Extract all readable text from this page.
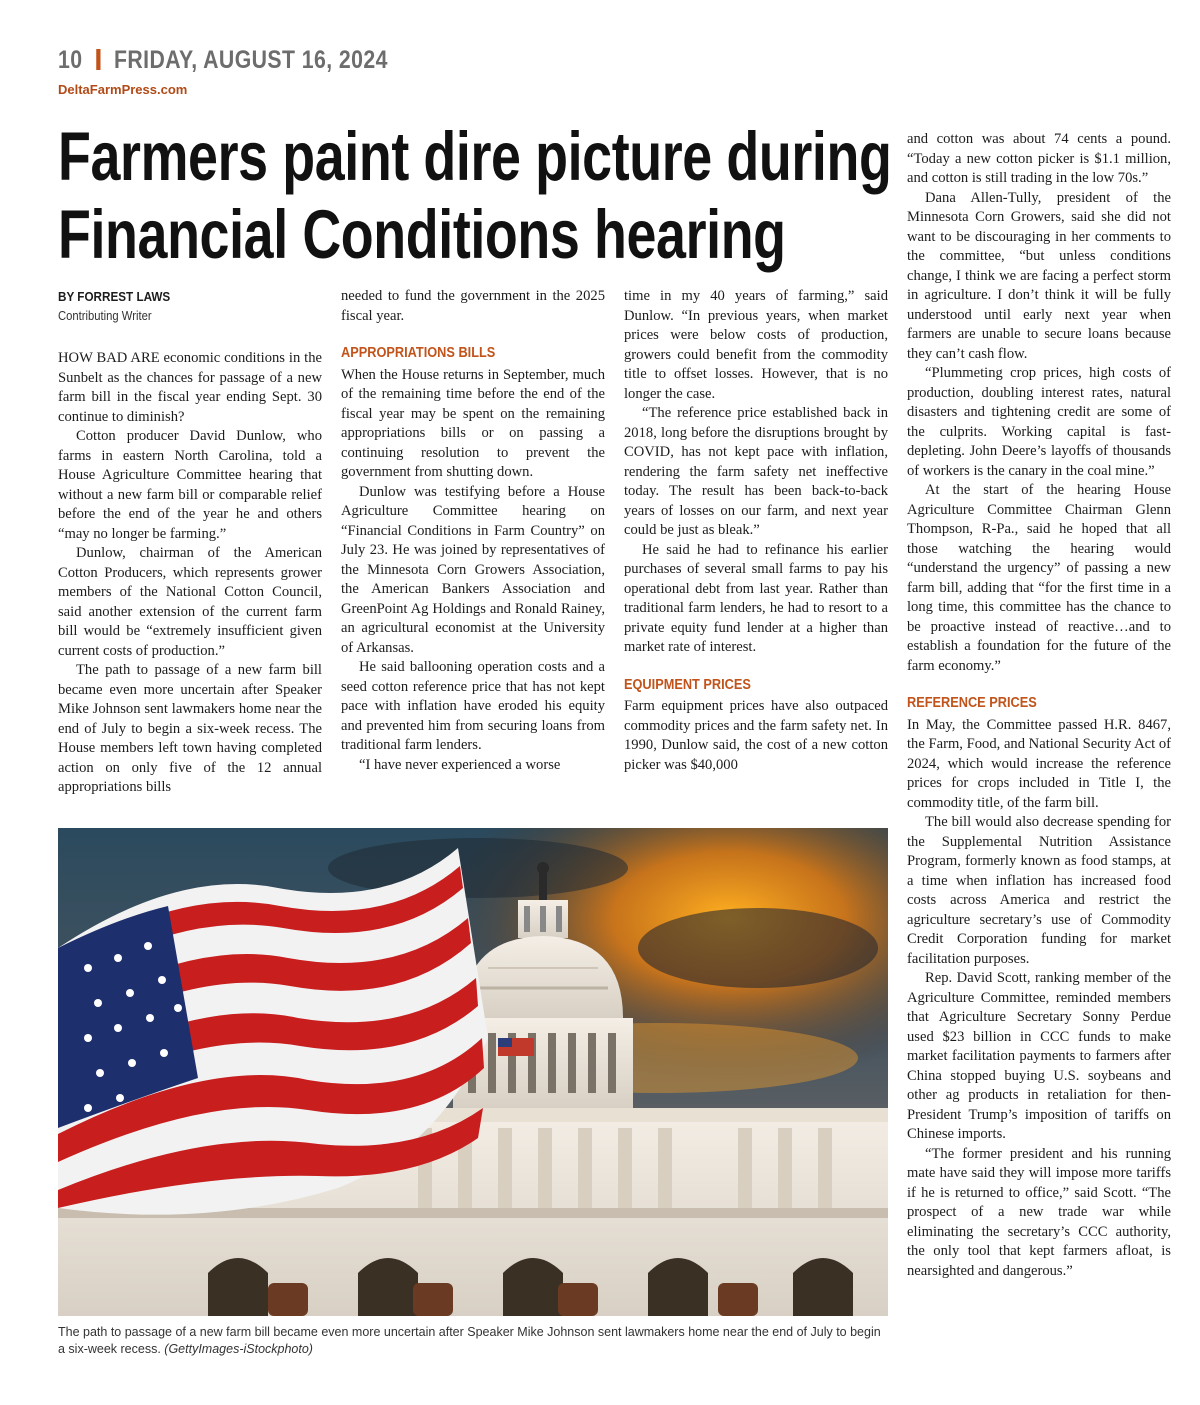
10 FRIDAY, AUGUST 16, 2024
DeltaFarmPress.com
Farmers paint dire picture during
Financial Conditions hearing
BY FORREST LAWS
Contributing Writer

HOW BAD ARE economic conditions in the Sunbelt as the chances for passage of a new farm bill in the fiscal year ending Sept. 30 continue to diminish?

Cotton producer David Dunlow, who farms in eastern North Carolina, told a House Agriculture Committee hearing that without a new farm bill or comparable relief before the end of the year he and others “may no longer be farming.”

Dunlow, chairman of the American Cotton Producers, which represents grower members of the National Cotton Council, said another extension of the current farm bill would be “extremely insufficient given current costs of production.”

The path to passage of a new farm bill became even more uncertain after Speaker Mike Johnson sent lawmakers home near the end of July to begin a six-week recess. The House members left town having completed action on only five of the 12 annual appropriations bills

needed to fund the government in the 2025 fiscal year.

APPROPRIATIONS BILLS

When the House returns in September, much of the remaining time before the end of the fiscal year may be spent on the remaining appropriations bills or on passing a continuing resolution to prevent the government from shutting down.

Dunlow was testifying before a House Agriculture Committee hearing on “Financial Conditions in Farm Country” on July 23. He was joined by representatives of the Minnesota Corn Growers Association, the American Bankers Association and GreenPoint Ag Holdings and Ronald Rainey, an agricultural economist at the University of Arkansas.

He said ballooning operation costs and a seed cotton reference price that has not kept pace with inflation have eroded his equity and prevented him from securing loans from traditional farm lenders.

“I have never experienced a worse

time in my 40 years of farming,” said Dunlow. “In previous years, when market prices were below costs of production, growers could benefit from the commodity title to offset losses. However, that is no longer the case.

“The reference price established back in 2018, long before the disruptions brought by COVID, has not kept pace with inflation, rendering the farm safety net ineffective today. The result has been back-to-back years of losses on our farm, and next year could be just as bleak.”

He said he had to refinance his earlier purchases of several small farms to pay his operational debt from last year. Rather than traditional farm lenders, he had to resort to a private equity fund lender at a higher than market rate of interest.

EQUIPMENT PRICES

Farm equipment prices have also outpaced commodity prices and the farm safety net. In 1990, Dunlow said, the cost of a new cotton picker was $40,000

and cotton was about 74 cents a pound. “Today a new cotton picker is $1.1 million, and cotton is still trading in the low 70s.”

Dana Allen-Tully, president of the Minnesota Corn Growers, said she did not want to be discouraging in her comments to the committee, “but unless conditions change, I think we are facing a perfect storm in agriculture. I don’t think it will be fully understood until early next year when farmers are unable to secure loans because they can’t cash flow.

“Plummeting crop prices, high costs of production, doubling interest rates, natural disasters and tightening credit are some of the culprits. Working capital is fast-depleting. John Deere’s layoffs of thousands of workers is the canary in the coal mine.”

At the start of the hearing House Agriculture Committee Chairman Glenn Thompson, R-Pa., said he hoped that all those watching the hearing would “understand the urgency” of passing a new farm bill, adding that “for the first time in a long time, this committee has the chance to be proactive instead of reactive…and to establish a foundation for the future of the farm economy.”

REFERENCE PRICES

In May, the Committee passed H.R. 8467, the Farm, Food, and National Security Act of 2024, which would increase the reference prices for crops included in Title I, the commodity title, of the farm bill.

The bill would also decrease spending for the Supplemental Nutrition Assistance Program, formerly known as food stamps, at a time when inflation has increased food costs across America and restrict the agriculture secretary’s use of Commodity Credit Corporation funding for market facilitation purposes.

Rep. David Scott, ranking member of the Agriculture Committee, reminded members that Agriculture Secretary Sonny Perdue used $23 billion in CCC funds to make market facilitation payments to farmers after China stopped buying U.S. soybeans and other ag products in retaliation for then-President Trump’s imposition of tariffs on Chinese imports.

“The former president and his running mate have said they will impose more tariffs if he is returned to office,” said Scott. “The prospect of a new trade war while eliminating the secretary’s CCC authority, the only tool that kept farmers afloat, is nearsighted and dangerous.”

The path to passage of a new farm bill became even more uncertain after Speaker Mike Johnson sent lawmakers home near the end of July to begin a six-week recess. (GettyImages-iStockphoto)
